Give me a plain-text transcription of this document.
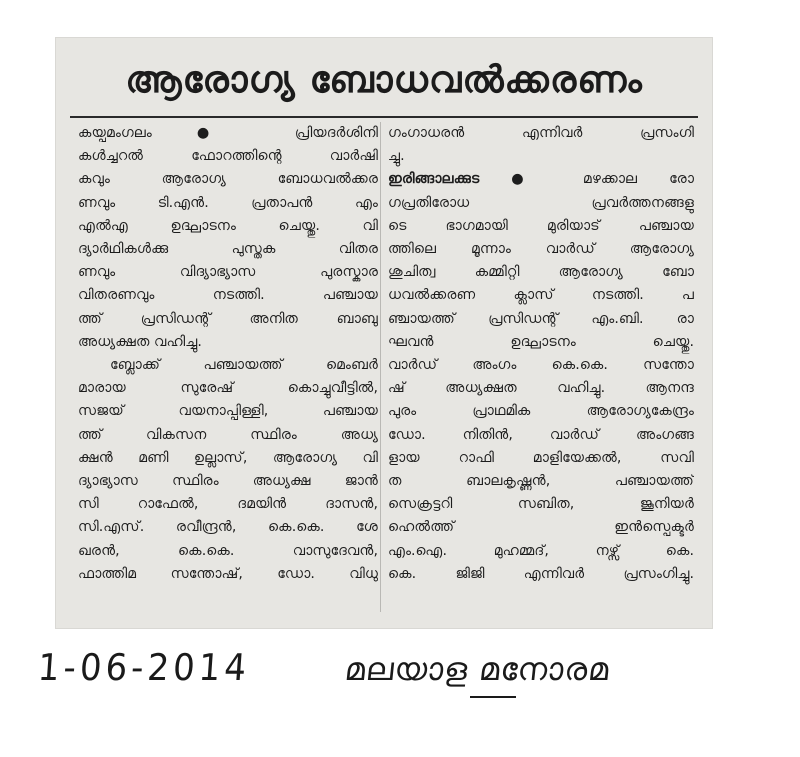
ആരോഗ്യ ബോധവൽക്കരണം
കയ്പമംഗലം ● പ്രിയദർശിനി
കൾച്ചറൽ ഫോറത്തിന്റെ വാർഷി
കവും ആരോഗ്യ ബോധവൽക്കര
ണവും ടി.എൻ. പ്രതാപൻ എം
എൽഎ ഉദ്ഘാടനം ചെയ്തു. വി
ദ്യാർഥികൾക്കു പുസ്തക വിതര
ണവും വിദ്യാഭ്യാസ പുരസ്കാര
വിതരണവും നടത്തി. പഞ്ചായ
ത്ത് പ്രസിഡന്റ് അനിത ബാബു
അധ്യക്ഷത വഹിച്ചു.
ബ്ലോക്ക് പഞ്ചായത്ത് മെംബർ
മാരായ സുരേഷ് കൊച്ചുവീട്ടിൽ,
സജയ് വയനാപ്പിള്ളി, പഞ്ചായ
ത്ത് വികസന സ്ഥിരം അധ്യ
ക്ഷൻ മണി ഉല്ലാസ്, ആരോഗ്യ വി
ദ്യാഭ്യാസ സ്ഥിരം അധ്യക്ഷ ജാൻ
സി റാഫേൽ, ദമയിൻ ദാസൻ,
സി.എസ്. രവീന്ദ്രൻ, കെ.കെ. ശേ
ഖരൻ, കെ.കെ. വാസുദേവൻ,
ഫാത്തിമ സന്തോഷ്, ഡോ. വിധു
ഗംഗാധരൻ എന്നിവർ പ്രസംഗി
ച്ചു.
ഇരിങ്ങാലക്കുട ● മഴക്കാല രോ
ഗപ്രതിരോധ പ്രവർത്തനങ്ങളു
ടെ ഭാഗമായി മുരിയാട് പഞ്ചായ
ത്തിലെ മൂന്നാം വാർഡ് ആരോഗ്യ
ശുചിത്വ കമ്മിറ്റി ആരോഗ്യ ബോ
ധവൽക്കരണ ക്ലാസ് നടത്തി. പ
ഞ്ചായത്ത് പ്രസിഡന്റ് എം.ബി. രാ
ഘവൻ ഉദ്ഘാടനം ചെയ്തു.
വാർഡ് അംഗം കെ.കെ. സന്തോ
ഷ് അധ്യക്ഷത വഹിച്ചു. ആനന്ദ
പുരം പ്രാഥമിക ആരോഗ്യകേന്ദ്രം
ഡോ. നിതിൻ, വാർഡ് അംഗങ്ങ
ളായ റാഫി മാളിയേക്കൽ, സവി
ത ബാലകൃഷ്ണൻ, പഞ്ചായത്ത്
സെക്രട്ടറി സബിത, ജൂനിയർ
ഹെൽത്ത് ഇൻസ്പെക്ടർ
എം.ഐ. മുഹമ്മദ്, നഴ്സ് കെ.
കെ. ജിജി എന്നിവർ പ്രസംഗിച്ചു.
1-06-2014	മലയാള മനോരമ
